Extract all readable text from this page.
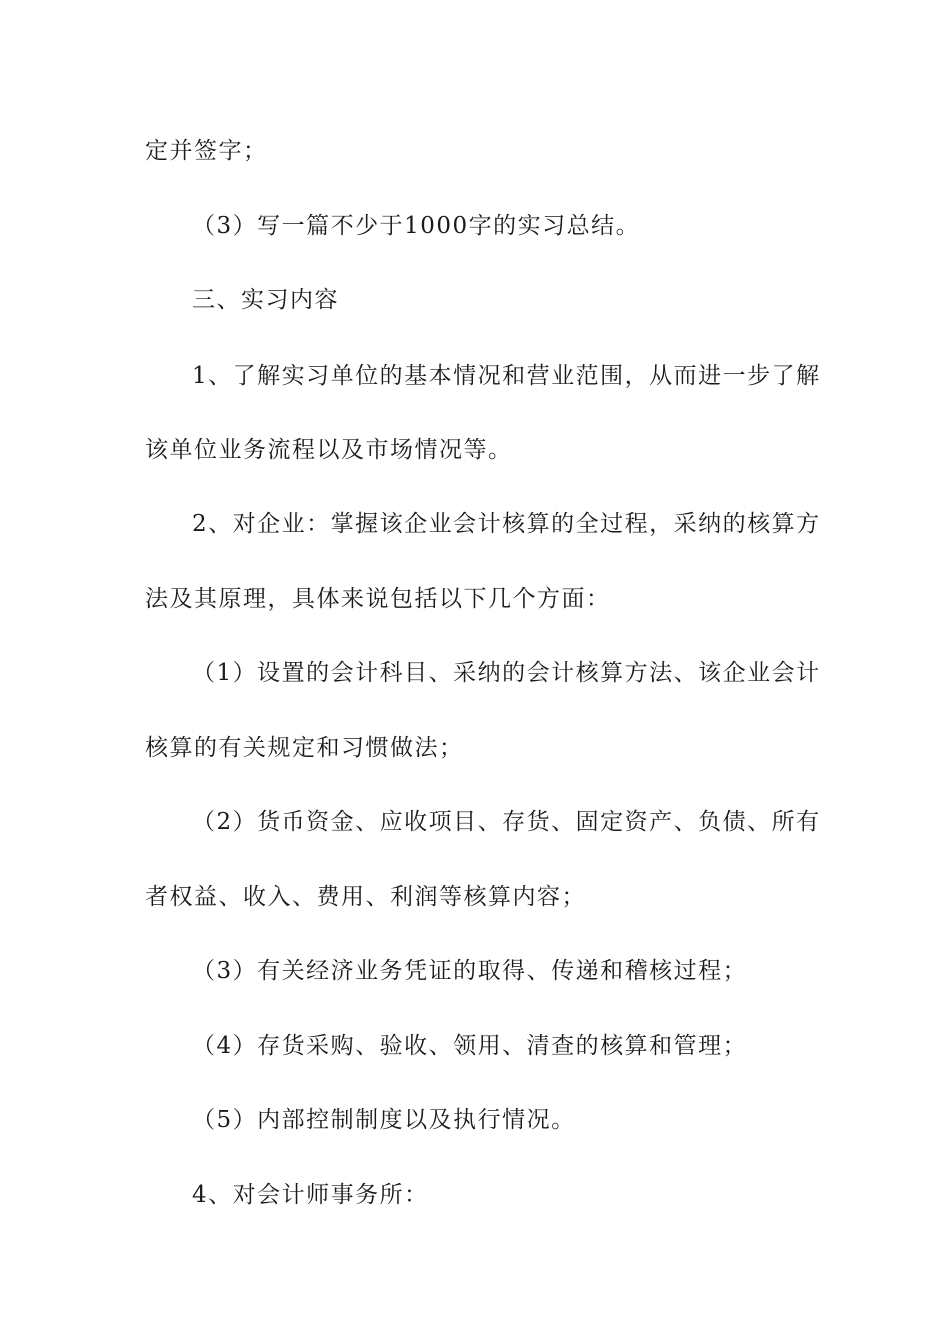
定并签字；
（3）写一篇不少于1000字的实习总结。
三、实习内容
1、了解实习单位的基本情况和营业范围，从而进一步了解
该单位业务流程以及市场情况等。
2、对企业：掌握该企业会计核算的全过程，采纳的核算方
法及其原理，具体来说包括以下几个方面：
（1）设置的会计科目、采纳的会计核算方法、该企业会计
核算的有关规定和习惯做法；
（2）货币资金、应收项目、存货、固定资产、负债、所有
者权益、收入、费用、利润等核算内容；
（3）有关经济业务凭证的取得、传递和稽核过程；
（4）存货采购、验收、领用、清查的核算和管理；
（5）内部控制制度以及执行情况。
4、对会计师事务所：
